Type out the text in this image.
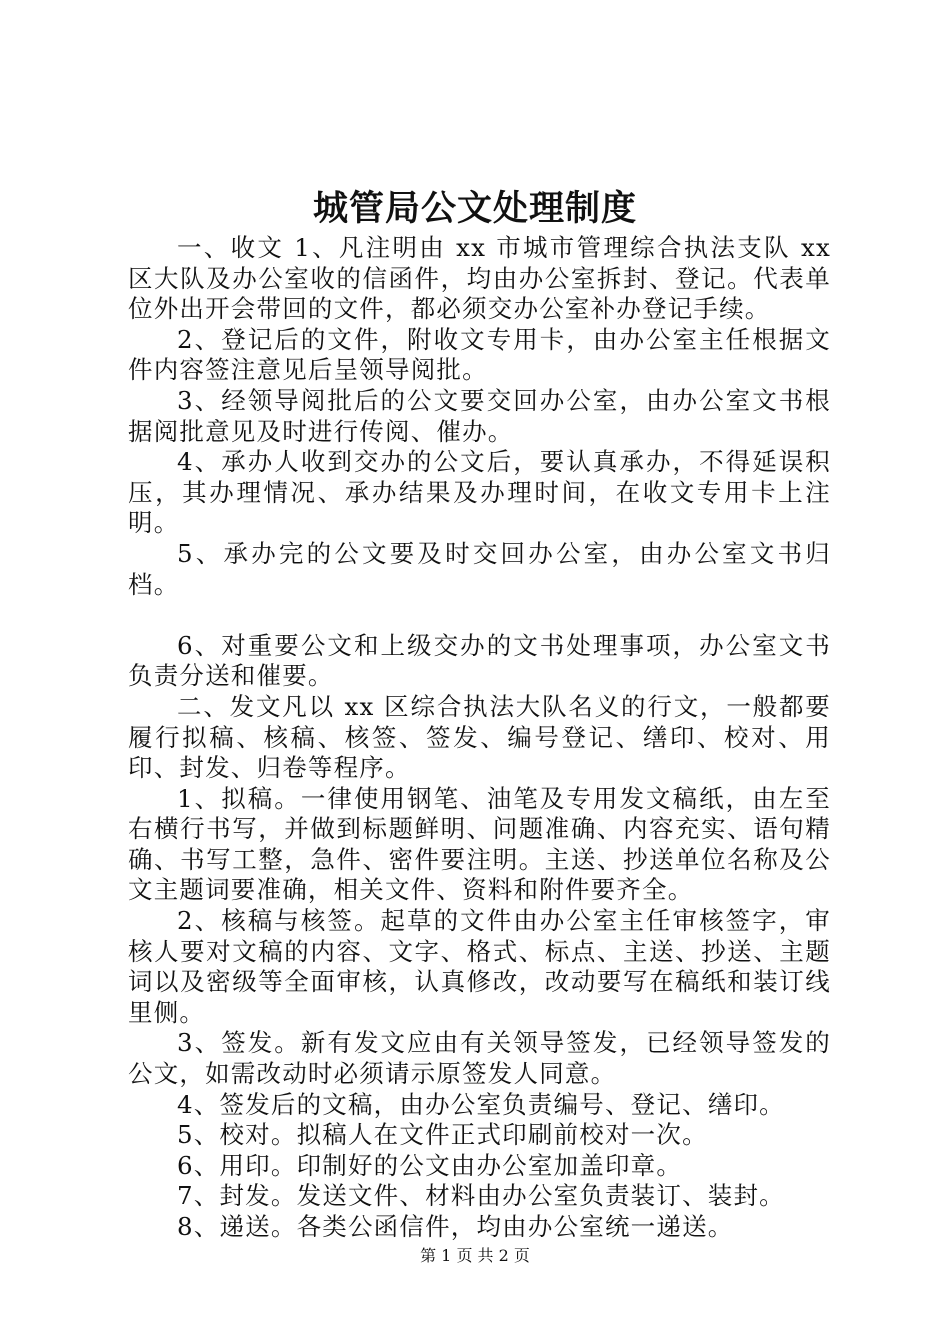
城管局公文处理制度

一、收文 1、凡注明由 xx 市城市管理综合执法支队 xx 区大队及办公室收的信函件，均由办公室拆封、登记。代表单位外出开会带回的文件，都必须交办公室补办登记手续。

2、登记后的文件，附收文专用卡，由办公室主任根据文件内容签注意见后呈领导阅批。

3、经领导阅批后的公文要交回办公室，由办公室文书根据阅批意见及时进行传阅、催办。

4、承办人收到交办的公文后，要认真承办，不得延误积压，其办理情况、承办结果及办理时间，在收文专用卡上注明。

5、承办完的公文要及时交回办公室，由办公室文书归档。

6、对重要公文和上级交办的文书处理事项，办公室文书负责分送和催要。

二、发文凡以 xx 区综合执法大队名义的行文，一般都要履行拟稿、核稿、核签、签发、编号登记、缮印、校对、用印、封发、归卷等程序。

1、拟稿。一律使用钢笔、油笔及专用发文稿纸，由左至右横行书写，并做到标题鲜明、问题准确、内容充实、语句精确、书写工整，急件、密件要注明。主送、抄送单位名称及公文主题词要准确，相关文件、资料和附件要齐全。

2、核稿与核签。起草的文件由办公室主任审核签字，审核人要对文稿的内容、文字、格式、标点、主送、抄送、主题词以及密级等全面审核，认真修改，改动要写在稿纸和装订线里侧。

3、签发。新有发文应由有关领导签发，已经领导签发的公文，如需改动时必须请示原签发人同意。

4、签发后的文稿，由办公室负责编号、登记、缮印。

5、校对。拟稿人在文件正式印刷前校对一次。

6、用印。印制好的公文由办公室加盖印章。

7、封发。发送文件、材料由办公室负责装订、装封。

8、递送。各类公函信件，均由办公室统一递送。

第 1 页 共 2 页
